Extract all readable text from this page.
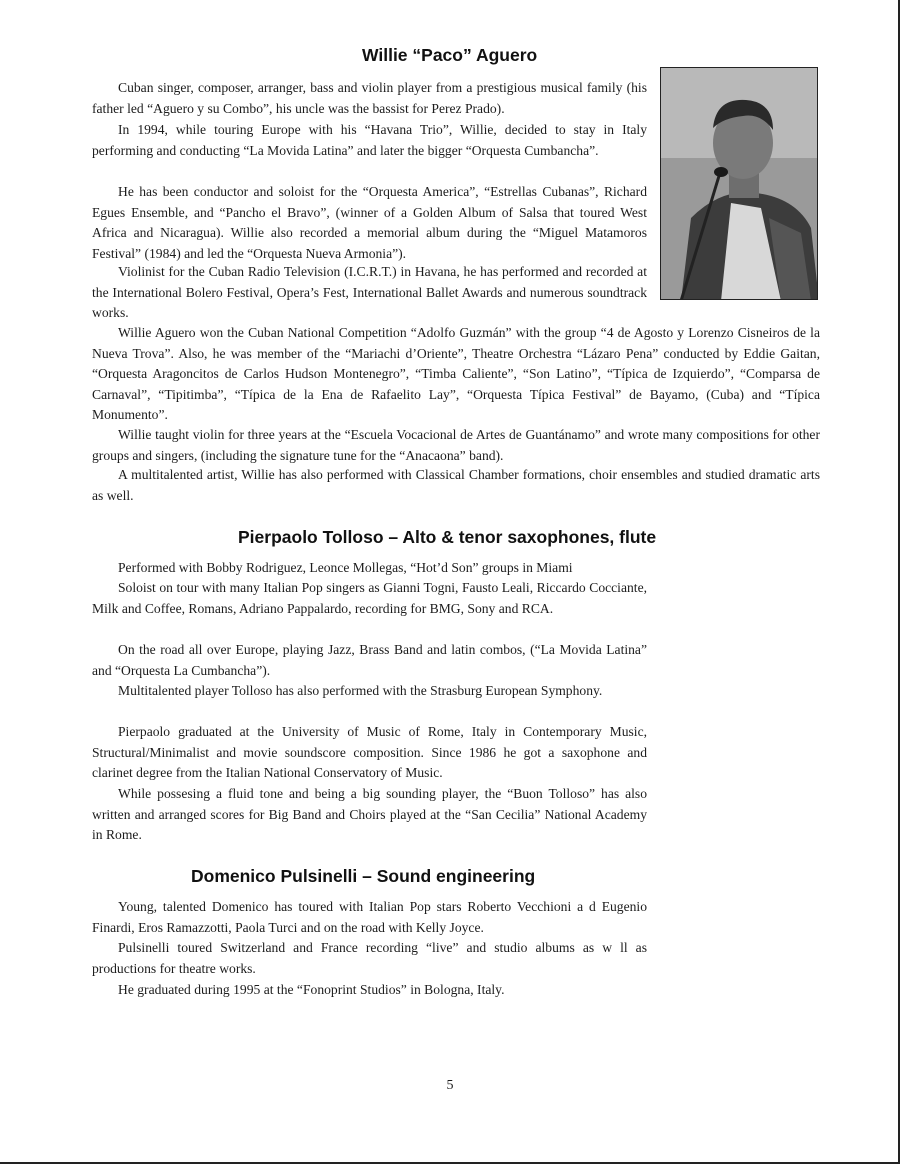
Willie “Paco” Aguero

Cuban singer, composer, arranger, bass and violin player from a prestigious musical family (his father led “Aguero y su Combo”, his uncle was the bassist for Perez Prado).

In 1994, while touring Europe with his “Havana Trio”, Willie, decided to stay in Italy performing and conducting “La Movida Latina” and later the bigger “Orquesta Cumbancha”.

He has been conductor and soloist for the “Orquesta America”, “Estrellas Cubanas”, Richard Egues Ensemble, and “Pancho el Bravo”, (winner of a Golden Album of Salsa that toured West Africa and Nicaragua). Willie also recorded a memorial album during the “Miguel Matamoros Festival” (1984) and led the “Orquesta Nueva Armonia”).

Violinist for the Cuban Radio Television (I.C.R.T.) in Havana, he has performed and recorded at the International Bolero Festival, Opera’s Fest, International Ballet Awards and numerous soundtrack works.

Willie Aguero won the Cuban National Competition “Adolfo Guzmán” with the group “4 de Agosto y Lorenzo Cisneiros de la Nueva Trova”. Also, he was member of the “Mariachi d’Oriente”, Theatre Orchestra “Lázaro Pena” conducted by Eddie Gaitan, “Orquesta Aragoncitos de Carlos Hudson Montenegro”, “Timba Caliente”, “Son Latino”, “Típica de Izquierdo”, “Comparsa de Carnaval”, “Tipitimba”, “Típica de la Ena de Rafaelito Lay”, “Orquesta Típica Festival” de Bayamo, (Cuba) and “Típica Monumento”.

Willie taught violin for three years at the “Escuela Vocacional de Artes de Guantánamo” and wrote many compositions for other groups and singers, (including the signature tune for the “Anacaona” band).

A multitalented artist, Willie has also performed with Classical Chamber formations, choir ensembles and studied dramatic arts as well.

Pierpaolo Tolloso – Alto & tenor saxophones, flute

Performed with Bobby Rodriguez, Leonce Mollegas, “Hot’d Son” groups in Miami

Soloist on tour with many Italian Pop singers as Gianni Togni, Fausto Leali, Riccardo Cocciante, Milk and Coffee, Romans, Adriano Pappalardo, recording for BMG, Sony and RCA.

On the road all over Europe, playing Jazz, Brass Band and latin combos, (“La Movida Latina” and “Orquesta La Cumbancha”).

Multitalented player Tolloso has also performed with the Strasburg European Symphony.

Pierpaolo graduated at the University of Music of Rome, Italy in Contemporary Music, Structural/Minimalist and movie soundscore composition. Since 1986 he got a saxophone and clarinet degree from the Italian National Conservatory of Music.

While possesing a fluid tone and being a big sounding player, the “Buon Tolloso” has also written and arranged scores for Big Band and Choirs played at the “San Cecilia” National Academy in Rome.

Domenico Pulsinelli – Sound engineering

Young, talented Domenico has toured with Italian Pop stars Roberto Vecchioni a d Eugenio Finardi, Eros Ramazzotti, Paola Turci and on the road with Kelly Joyce.

Pulsinelli toured Switzerland and France recording “live” and studio albums as w ll as productions for theatre works.

He graduated during 1995 at the “Fonoprint Studios” in Bologna, Italy.

5
